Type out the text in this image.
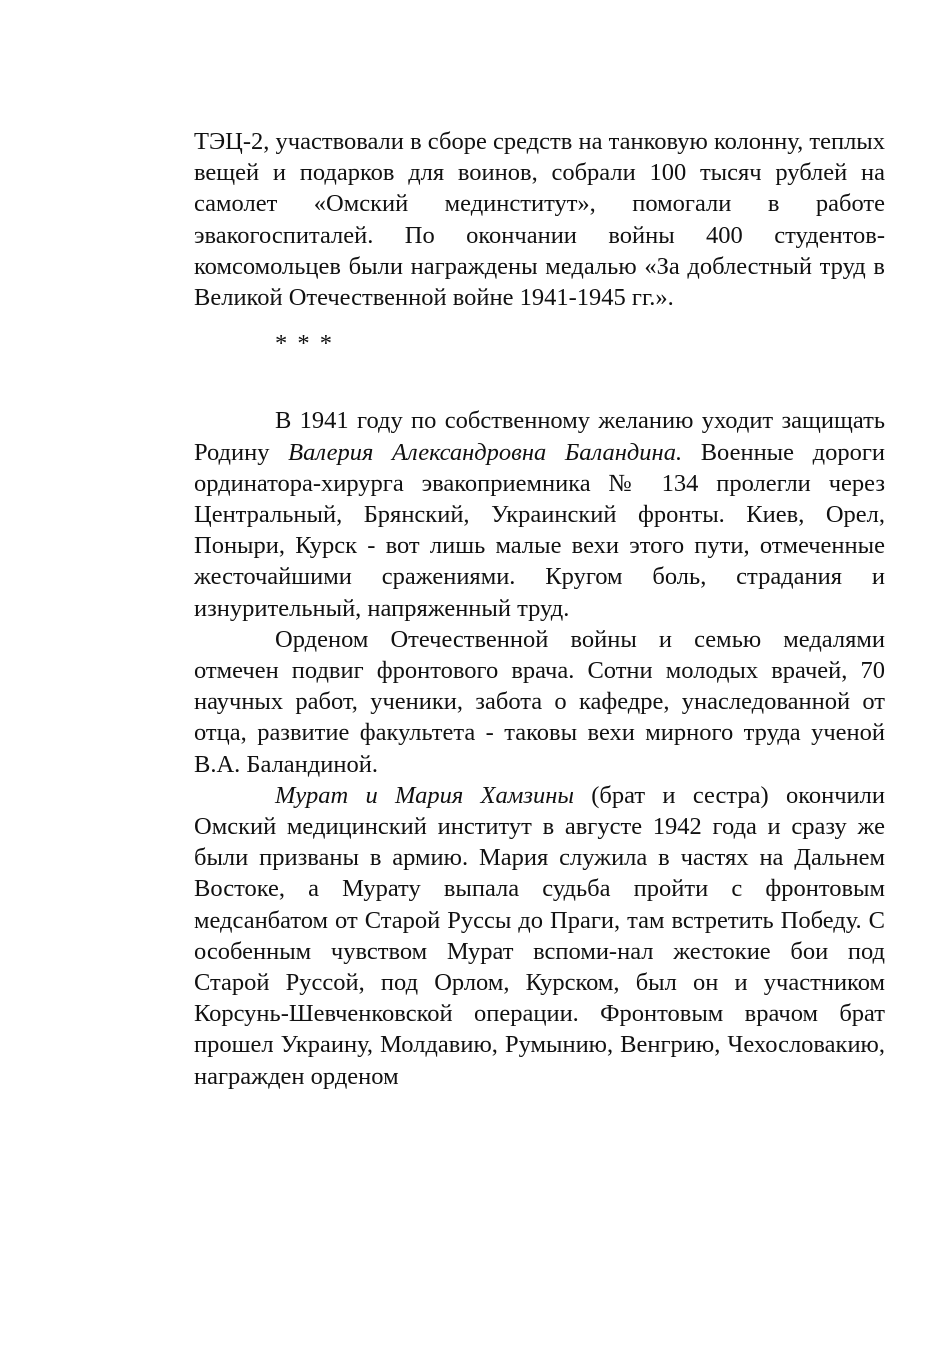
ТЭЦ-2, участвовали в сборе средств на танковую колонну, теплых вещей и подарков для воинов, собрали 100 тысяч рублей на самолет «Омский мединститут», помогали в работе эвакогоспиталей. По окончании войны 400 студентов-комсомольцев были награждены медалью «За доблестный труд в Великой Отечественной войне 1941-1945 гг.».

* * *

В 1941 году по собственному желанию уходит защищать Родину Валерия Александровна Баландина. Военные дороги ординатора-хирурга эвакоприемника № 134 пролегли через Центральный, Брянский, Украинский фронты. Киев, Орел, Поныри, Курск - вот лишь малые вехи этого пути, отмеченные жесточайшими сражениями. Кругом боль, страдания и изнурительный, напряженный труд.

Орденом Отечественной войны и семью медалями отмечен подвиг фронтового врача. Сотни молодых врачей, 70 научных работ, ученики, забота о кафедре, унаследованной от отца, развитие факультета - таковы вехи мирного труда ученой В.А. Баландиной.

Мурат и Мария Хамзины (брат и сестра) окончили Омский медицинский институт в августе 1942 года и сразу же были призваны в армию. Мария служила в частях на Дальнем Востоке, а Мурату выпала судьба пройти с фронтовым медсанбатом от Старой Руссы до Праги, там встретить Победу. С особенным чувством Мурат вспоми-нал жестокие бои под Старой Руссой, под Орлом, Курском, был он и участником Корсунь-Шевченковской операции. Фронтовым врачом брат прошел Украину, Молдавию, Румынию, Венгрию, Чехословакию, награжден орденом
